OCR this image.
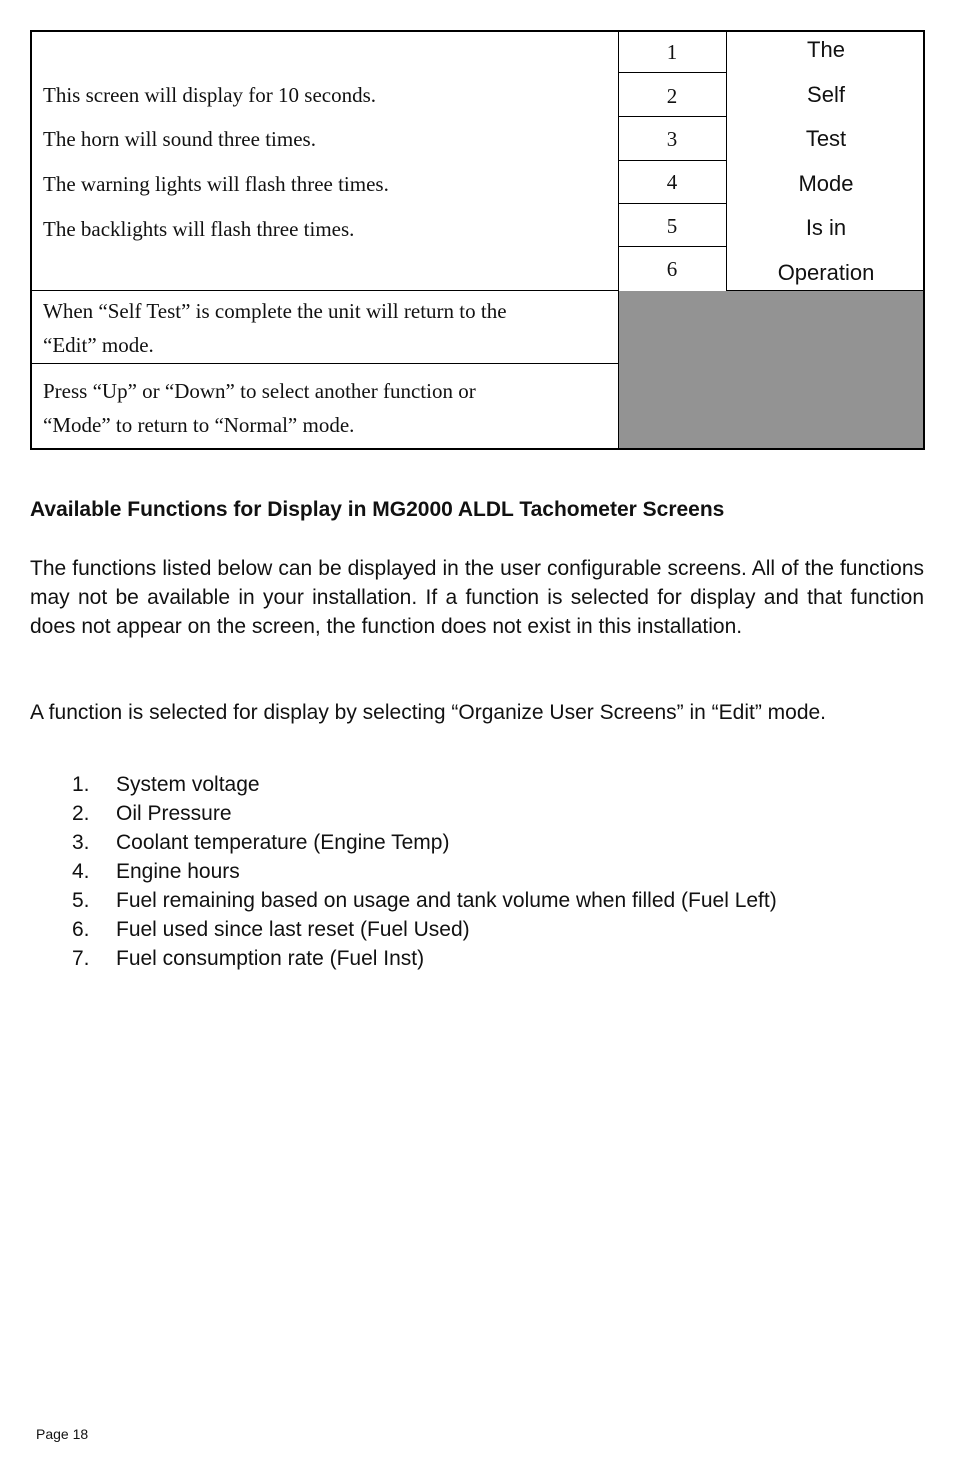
This screen will display for 10 seconds.
The horn will sound three times.
The warning lights will flash three times.
The backlights will flash three times.
1
2
3
4
5
6
The
Self
Test
Mode
Is in
Operation
When “Self Test” is complete the unit will return to the
“Edit” mode.
Press “Up” or “Down” to select another function or
“Mode” to return to “Normal” mode.
Available Functions for Display in MG2000 ALDL Tachometer Screens
The functions listed below can be displayed in the user configurable screens. All of the functions may not be available in your installation. If a function is selected for display and that function does not appear on the screen, the function does not exist in this installation.
A function is selected for display by selecting “Organize User Screens” in “Edit” mode.
1. System voltage
2. Oil Pressure
3. Coolant temperature (Engine Temp)
4. Engine hours
5. Fuel remaining based on usage and tank volume when filled (Fuel Left)
6. Fuel used since last reset (Fuel Used)
7. Fuel consumption rate (Fuel Inst)
Page 18
